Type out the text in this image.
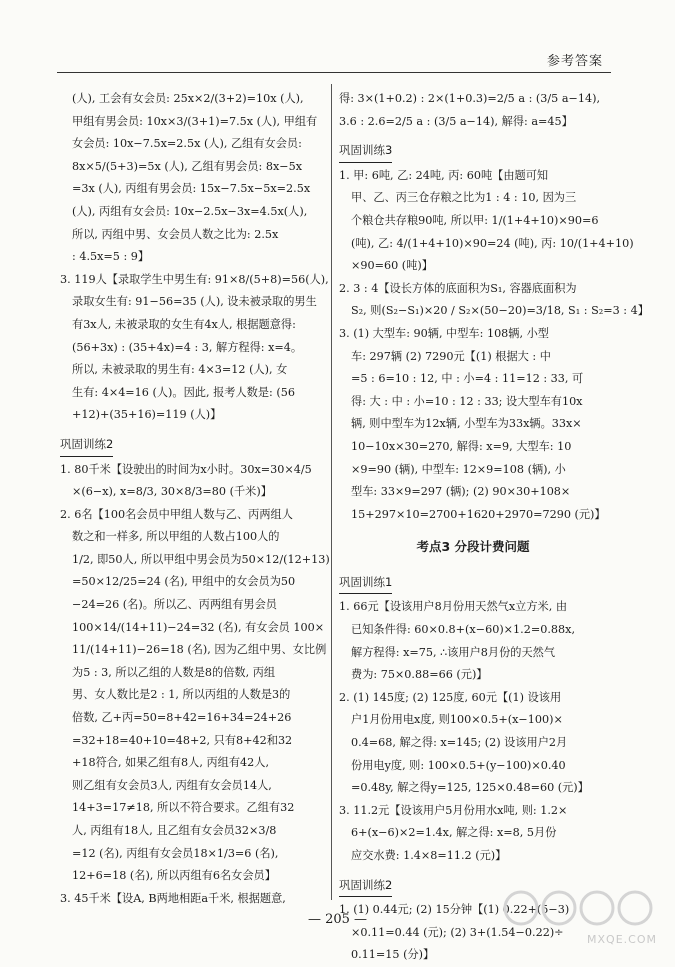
参考答案
(人), 工会有女会员: 25x×2/(3+2)=10x (人),
甲组有男会员: 10x×3/(3+1)=7.5x (人), 甲组有
女会员: 10x−7.5x=2.5x (人), 乙组有女会员:
8x×5/(5+3)=5x (人), 乙组有男会员: 8x−5x
=3x (人), 丙组有男会员: 15x−7.5x−5x=2.5x
(人), 丙组有女会员: 10x−2.5x−3x=4.5x(人),
所以, 丙组中男、女会员人数之比为: 2.5x
: 4.5x=5 : 9】
3. 119人【录取学生中男生有: 91×8/(5+8)=56(人),
录取女生有: 91−56=35 (人), 设未被录取的男生
有3x人, 未被录取的女生有4x人, 根据题意得:
(56+3x) : (35+4x)=4 : 3, 解方程得: x=4。
所以, 未被录取的男生有: 4×3=12 (人), 女
生有: 4×4=16 (人)。因此, 报考人数是: (56
+12)+(35+16)=119 (人)】
巩固训练2
1. 80千米【设驶出的时间为x小时。30x=30×4/5
×(6−x), x=8/3, 30×8/3=80 (千米)】
2. 6名【100名会员中甲组人数与乙、丙两组人
数之和一样多, 所以甲组的人数占100人的
1/2, 即50人, 所以甲组中男会员为50×12/(12+13)
=50×12/25=24 (名), 甲组中的女会员为50
−24=26 (名)。所以乙、丙两组有男会员
100×14/(14+11)−24=32 (名), 有女会员 100×
11/(14+11)−26=18 (名), 因为乙组中男、女比例
为5 : 3, 所以乙组的人数是8的倍数, 丙组
男、女人数比是2 : 1, 所以丙组的人数是3的
倍数, 乙+丙=50=8+42=16+34=24+26
=32+18=40+10=48+2, 只有8+42和32
+18符合, 如果乙组有8人, 丙组有42人,
则乙组有女会员3人, 丙组有女会员14人,
14+3=17≠18, 所以不符合要求。乙组有32
人, 丙组有18人, 且乙组有女会员32×3/8
=12 (名), 丙组有女会员18×1/3=6 (名),
12+6=18 (名), 所以丙组有6名女会员】
3. 45千米【设A, B两地相距a千米, 根据题意,
得: 3×(1+0.2) : 2×(1+0.3)=2/5 a : (3/5 a−14),
3.6 : 2.6=2/5 a : (3/5 a−14), 解得: a=45】
巩固训练3
1. 甲: 6吨, 乙: 24吨, 丙: 60吨【由题可知
甲、乙、丙三仓存粮之比为1 : 4 : 10, 因为三
个粮仓共存粮90吨, 所以甲: 1/(1+4+10)×90=6
(吨), 乙: 4/(1+4+10)×90=24 (吨), 丙: 10/(1+4+10)
×90=60 (吨)】
2. 3 : 4【设长方体的底面积为S₁, 容器底面积为
S₂, 则(S₂−S₁)×20 / S₂×(50−20)=3/18, S₁ : S₂=3 : 4】
3. (1) 大型车: 90辆, 中型车: 108辆, 小型
车: 297辆 (2) 7290元【(1) 根据大 : 中
=5 : 6=10 : 12, 中 : 小=4 : 11=12 : 33, 可
得: 大 : 中 : 小=10 : 12 : 33; 设大型车有10x
辆, 则中型车为12x辆, 小型车为33x辆。33x×
10−10x×30=270, 解得: x=9, 大型车: 10
×9=90 (辆), 中型车: 12×9=108 (辆), 小
型车: 33×9=297 (辆); (2) 90×30+108×
15+297×10=2700+1620+2970=7290 (元)】
考点3 分段计费问题
巩固训练1
1. 66元【设该用户8月份用天然气x立方米, 由
已知条件得: 60×0.8+(x−60)×1.2=0.88x,
解方程得: x=75, ∴该用户8月份的天然气
费为: 75×0.88=66 (元)】
2. (1) 145度; (2) 125度, 60元【(1) 设该用
户1月份用电x度, 则100×0.5+(x−100)×
0.4=68, 解之得: x=145; (2) 设该用户2月
份用电y度, 则: 100×0.5+(y−100)×0.40
=0.48y, 解之得y=125, 125×0.48=60 (元)】
3. 11.2元【设该用户5月份用水x吨, 则: 1.2×
6+(x−6)×2=1.4x, 解之得: x=8, 5月份
应交水费: 1.4×8=11.2 (元)】
巩固训练2
1. (1) 0.44元; (2) 15分钟【(1) 0.22+(5−3)
×0.11=0.44 (元); (2) 3+(1.54−0.22)÷
0.11=15 (分)】
— 205 —
MXQE.COM
